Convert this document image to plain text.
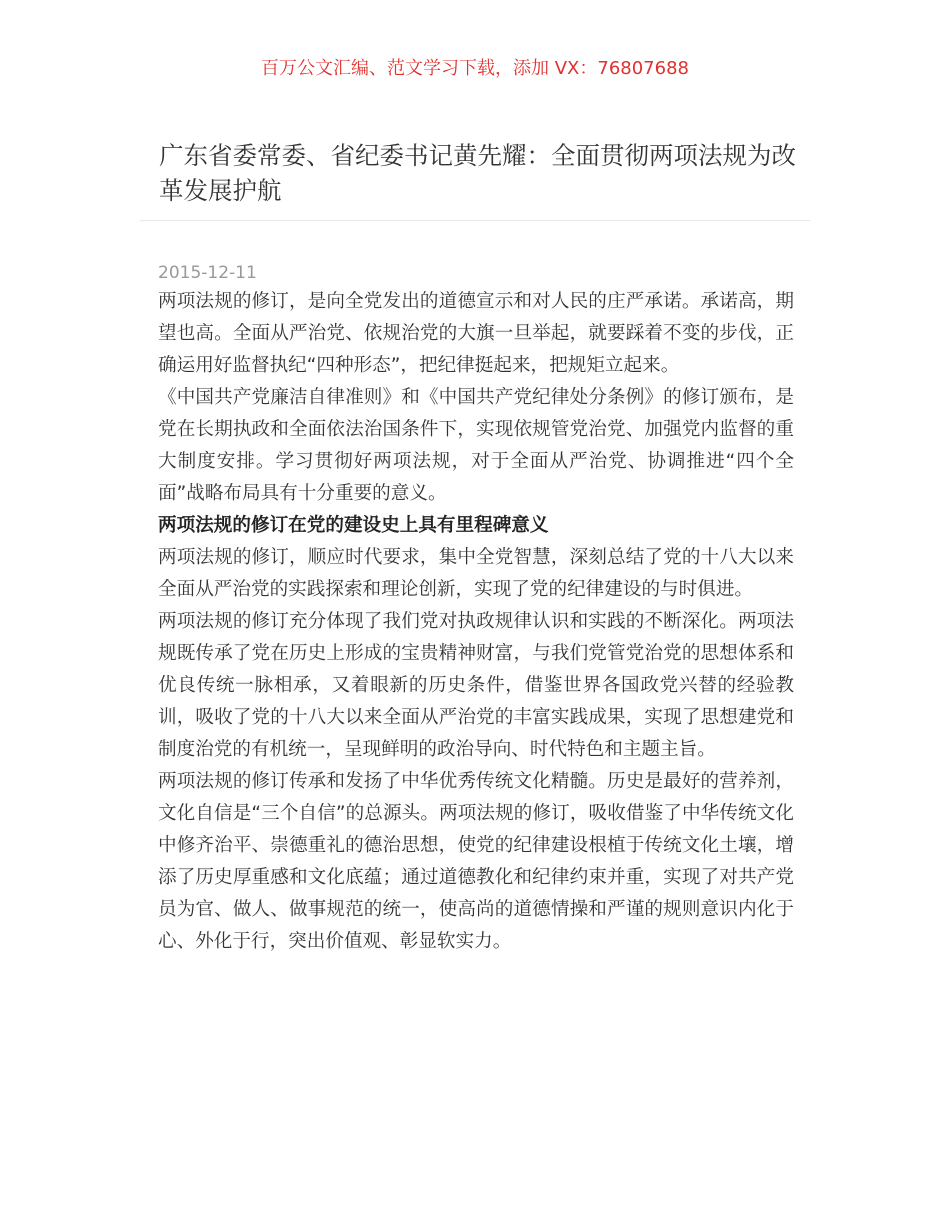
百万公文汇编、范文学习下载，添加 VX：76807688
广东省委常委、省纪委书记黄先耀：全面贯彻两项法规为改革发展护航
2015-12-11

两项法规的修订，是向全党发出的道德宣示和对人民的庄严承诺。承诺高，期望也高。全面从严治党、依规治党的大旗一旦举起，就要踩着不变的步伐，正确运用好监督执纪“四种形态”，把纪律挺起来，把规矩立起来。

《中国共产党廉洁自律准则》和《中国共产党纪律处分条例》的修订颁布，是党在长期执政和全面依法治国条件下，实现依规管党治党、加强党内监督的重大制度安排。学习贯彻好两项法规，对于全面从严治党、协调推进“四个全面”战略布局具有十分重要的意义。

两项法规的修订在党的建设史上具有里程碑意义

两项法规的修订，顺应时代要求，集中全党智慧，深刻总结了党的十八大以来全面从严治党的实践探索和理论创新，实现了党的纪律建设的与时俱进。

两项法规的修订充分体现了我们党对执政规律认识和实践的不断深化。两项法规既传承了党在历史上形成的宝贵精神财富，与我们党管党治党的思想体系和优良传统一脉相承，又着眼新的历史条件，借鉴世界各国政党兴替的经验教训，吸收了党的十八大以来全面从严治党的丰富实践成果，实现了思想建党和制度治党的有机统一，呈现鲜明的政治导向、时代特色和主题主旨。

两项法规的修订传承和发扬了中华优秀传统文化精髓。历史是最好的营养剂，文化自信是“三个自信”的总源头。两项法规的修订，吸收借鉴了中华传统文化中修齐治平、崇德重礼的德治思想，使党的纪律建设根植于传统文化土壤，增添了历史厚重感和文化底蕴；通过道德教化和纪律约束并重，实现了对共产党员为官、做人、做事规范的统一，使高尚的道德情操和严谨的规则意识内化于心、外化于行，突出价值观、彰显软实力。
